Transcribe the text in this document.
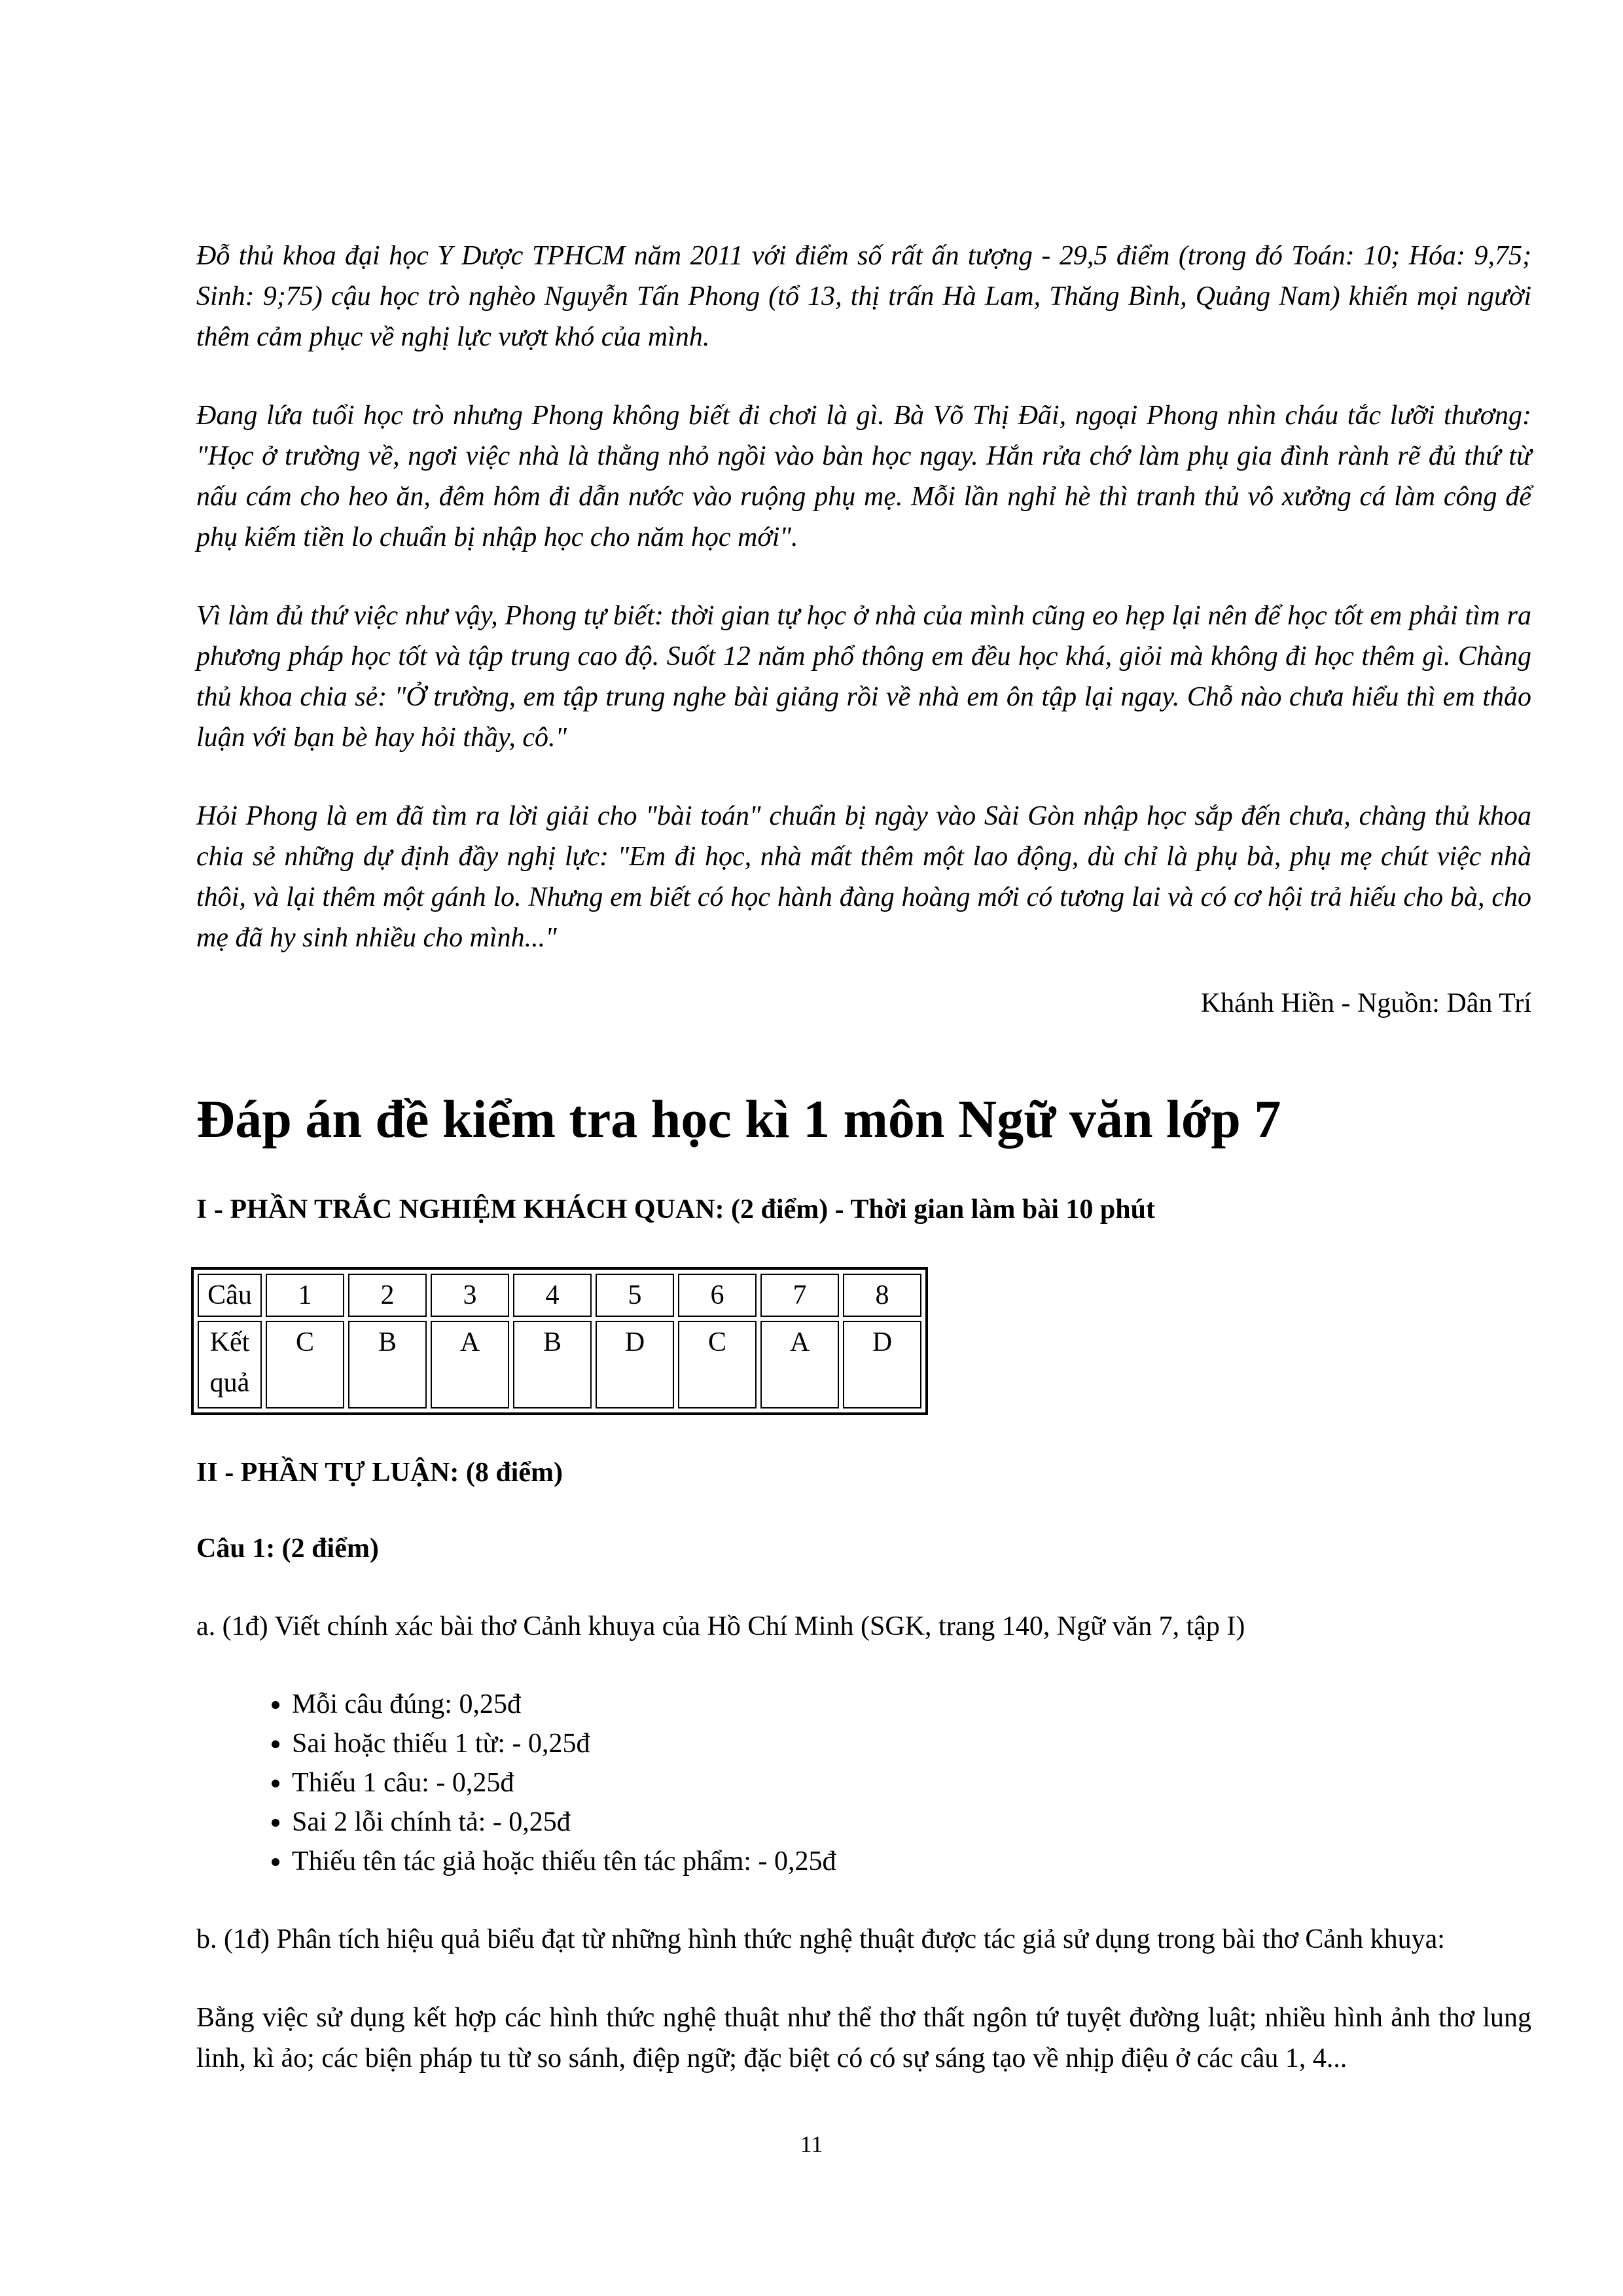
Đỗ thủ khoa đại học Y Dược TPHCM năm 2011 với điểm số rất ấn tượng - 29,5 điểm (trong đó Toán: 10; Hóa: 9,75; Sinh: 9;75) cậu học trò nghèo Nguyễn Tấn Phong (tổ 13, thị trấn Hà Lam, Thăng Bình, Quảng Nam) khiến mọi người thêm cảm phục về nghị lực vượt khó của mình.

Đang lứa tuổi học trò nhưng Phong không biết đi chơi là gì. Bà Võ Thị Đãi, ngoại Phong nhìn cháu tắc lưỡi thương: "Học ở trường về, ngơi việc nhà là thằng nhỏ ngồi vào bàn học ngay. Hắn rửa chớ làm phụ gia đình rành rẽ đủ thứ từ nấu cám cho heo ăn, đêm hôm đi dẫn nước vào ruộng phụ mẹ. Mỗi lần nghỉ hè thì tranh thủ vô xưởng cá làm công để phụ kiếm tiền lo chuẩn bị nhập học cho năm học mới".

Vì làm đủ thứ việc như vậy, Phong tự biết: thời gian tự học ở nhà của mình cũng eo hẹp lại nên để học tốt em phải tìm ra phương pháp học tốt và tập trung cao độ. Suốt 12 năm phổ thông em đều học khá, giỏi mà không đi học thêm gì. Chàng thủ khoa chia sẻ: "Ở trường, em tập trung nghe bài giảng rồi về nhà em ôn tập lại ngay. Chỗ nào chưa hiểu thì em thảo luận với bạn bè hay hỏi thầy, cô."

Hỏi Phong là em đã tìm ra lời giải cho "bài toán" chuẩn bị ngày vào Sài Gòn nhập học sắp đến chưa, chàng thủ khoa chia sẻ những dự định đầy nghị lực: "Em đi học, nhà mất thêm một lao động, dù chỉ là phụ bà, phụ mẹ chút việc nhà thôi, và lại thêm một gánh lo. Nhưng em biết có học hành đàng hoàng mới có tương lai và có cơ hội trả hiếu cho bà, cho mẹ đã hy sinh nhiều cho mình..."

Khánh Hiền - Nguồn: Dân Trí

Đáp án đề kiểm tra học kì 1 môn Ngữ văn lớp 7

I - PHẦN TRẮC NGHIỆM KHÁCH QUAN: (2 điểm) - Thời gian làm bài 10 phút

Câu	1	2	3	4	5	6	7	8
Kết quả	C	B	A	B	D	C	A	D

II - PHẦN TỰ LUẬN: (8 điểm)

Câu 1: (2 điểm)

a. (1đ) Viết chính xác bài thơ Cảnh khuya của Hồ Chí Minh (SGK, trang 140, Ngữ văn 7, tập I)

• Mỗi câu đúng: 0,25đ
• Sai hoặc thiếu 1 từ: - 0,25đ
• Thiếu 1 câu: - 0,25đ
• Sai 2 lỗi chính tả: - 0,25đ
• Thiếu tên tác giả hoặc thiếu tên tác phẩm: - 0,25đ

b. (1đ) Phân tích hiệu quả biểu đạt từ những hình thức nghệ thuật được tác giả sử dụng trong bài thơ Cảnh khuya:

Bằng việc sử dụng kết hợp các hình thức nghệ thuật như thể thơ thất ngôn tứ tuyệt đường luật; nhiều hình ảnh thơ lung linh, kì ảo; các biện pháp tu từ so sánh, điệp ngữ; đặc biệt có có sự sáng tạo về nhịp điệu ở các câu 1, 4...

11
